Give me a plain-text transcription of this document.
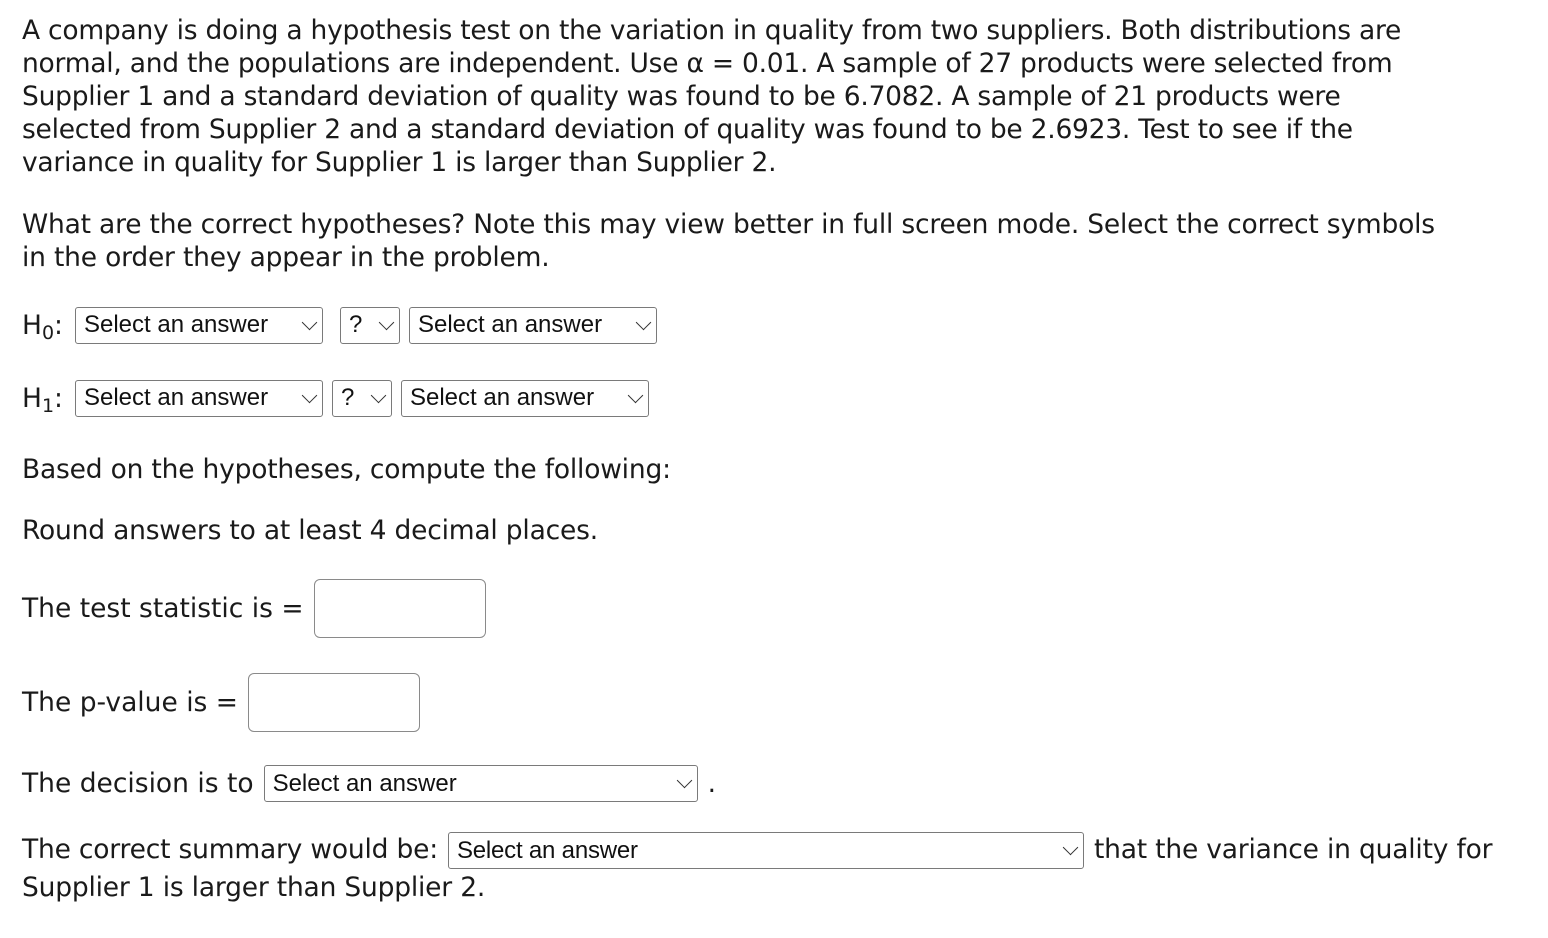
A company is doing a hypothesis test on the variation in quality from two suppliers. Both distributions are normal, and the populations are independent. Use α = 0.01. A sample of 27 products were selected from Supplier 1 and a standard deviation of quality was found to be 6.7082. A sample of 21 products were selected from Supplier 2 and a standard deviation of quality was found to be 2.6923. Test to see if the variance in quality for Supplier 1 is larger than Supplier 2.

What are the correct hypotheses? Note this may view better in full screen mode. Select the correct symbols in the order they appear in the problem.

$H_0$: Select an answer	? Select an answer
$H_1$: Select an answer	? Select an answer

Based on the hypotheses, compute the following:

Round answers to at least 4 decimal places.

The test statistic is =
The p-value is =
The decision is to Select an answer	.
The correct summary would be: Select an answer	that the variance in quality for Supplier 1 is larger than Supplier 2.
